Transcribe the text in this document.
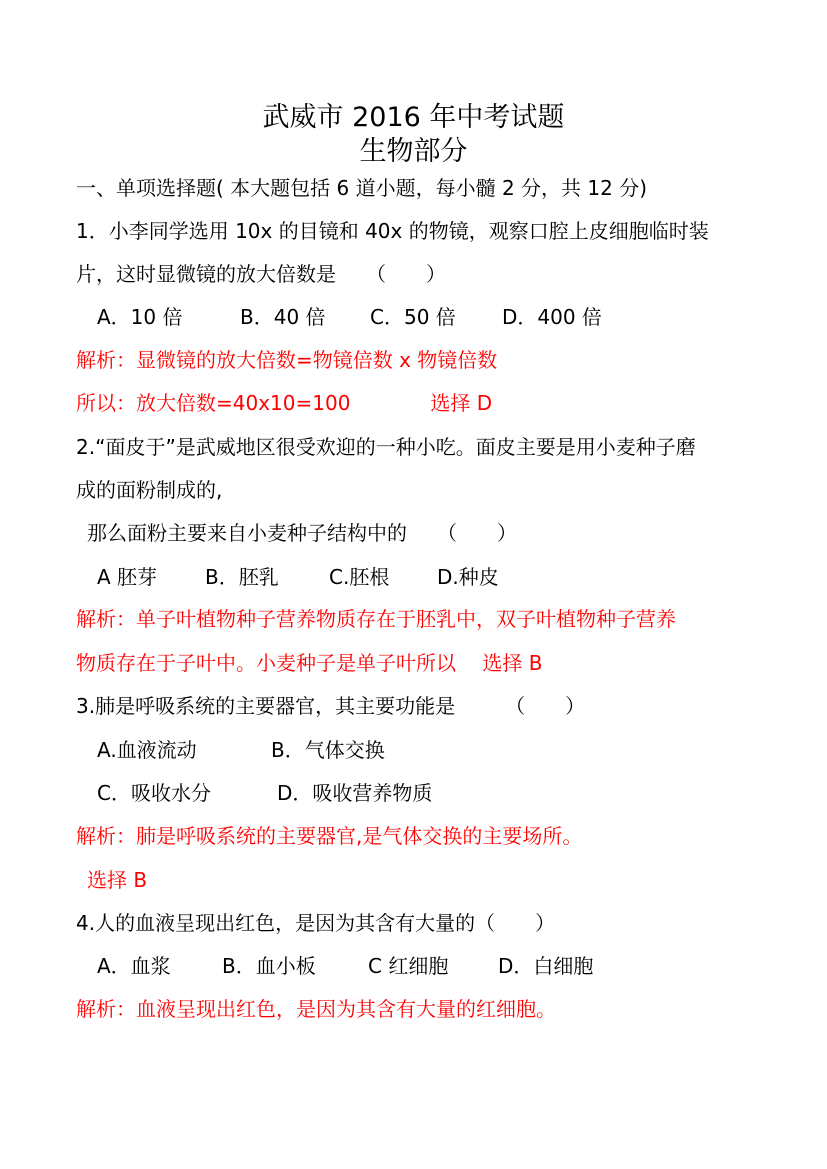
武威市 2016 年中考试题
生物部分
一、单项选择题( 本大题包括 6 道小题，每小髓 2 分，共 12 分)
1．小李同学选用 10x 的目镜和 40x 的物镜，观察口腔上皮细胞临时装
片，这时显微镜的放大倍数是　　（　　）
A．10 倍	B．40 倍 C．50 倍 D．400 倍
解析：显微镜的放大倍数=物镜倍数 x 物镜倍数
所以：放大倍数=40x10=100　　　　选择 D
2.“面皮于”是武威地区很受欢迎的一种小吃。面皮主要是用小麦种子磨
成的面粉制成的,
那么面粉主要来自小麦种子结构中的　　（　　）
A 胚芽 B．胚乳	C.胚根 D.种皮
解析：单子叶植物种子营养物质存在于胚乳中，双子叶植物种子营养
物质存在于子叶中。小麦种子是单子叶所以　 选择 B
3.肺是呼吸系统的主要器官，其主要功能是　　　（　　）
A.血液流动	B．气体交换
C．吸收水分	D．吸收营养物质
解析：肺是呼吸系统的主要器官,是气体交换的主要场所。
选择 B
4.人的血液呈现出红色，是因为其含有大量的（　　）
A．血浆	B．血小板	C 红细胞 D．白细胞
解析：血液呈现出红色，是因为其含有大量的红细胞。
